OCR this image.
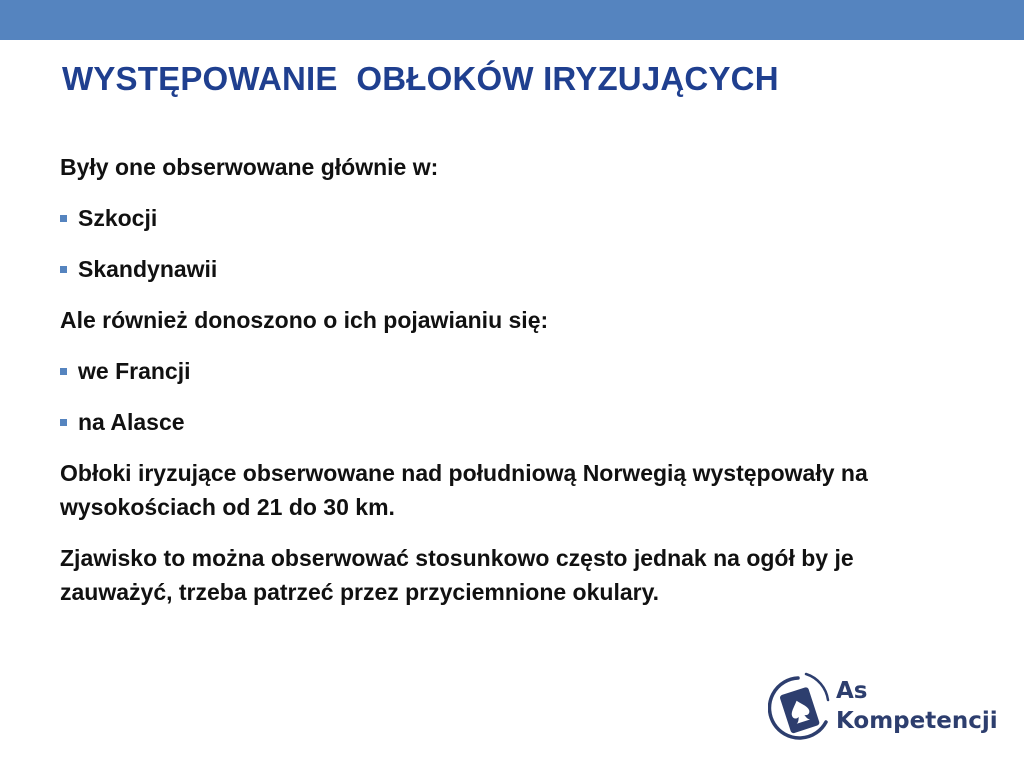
WYSTĘPOWANIE  OBŁOKÓW IRYZUJĄCYCH

Były one obserwowane głównie w:

Szkocji
Skandynawii

Ale również donoszono o ich pojawianiu się:

we Francji
na Alasce

Obłoki iryzujące obserwowane nad południową Norwegią występowały na wysokościach od 21 do 30 km.

Zjawisko to można obserwować stosunkowo często jednak na ogół by je zauważyć, trzeba patrzeć przez przyciemnione okulary.

As
Kompetencji
